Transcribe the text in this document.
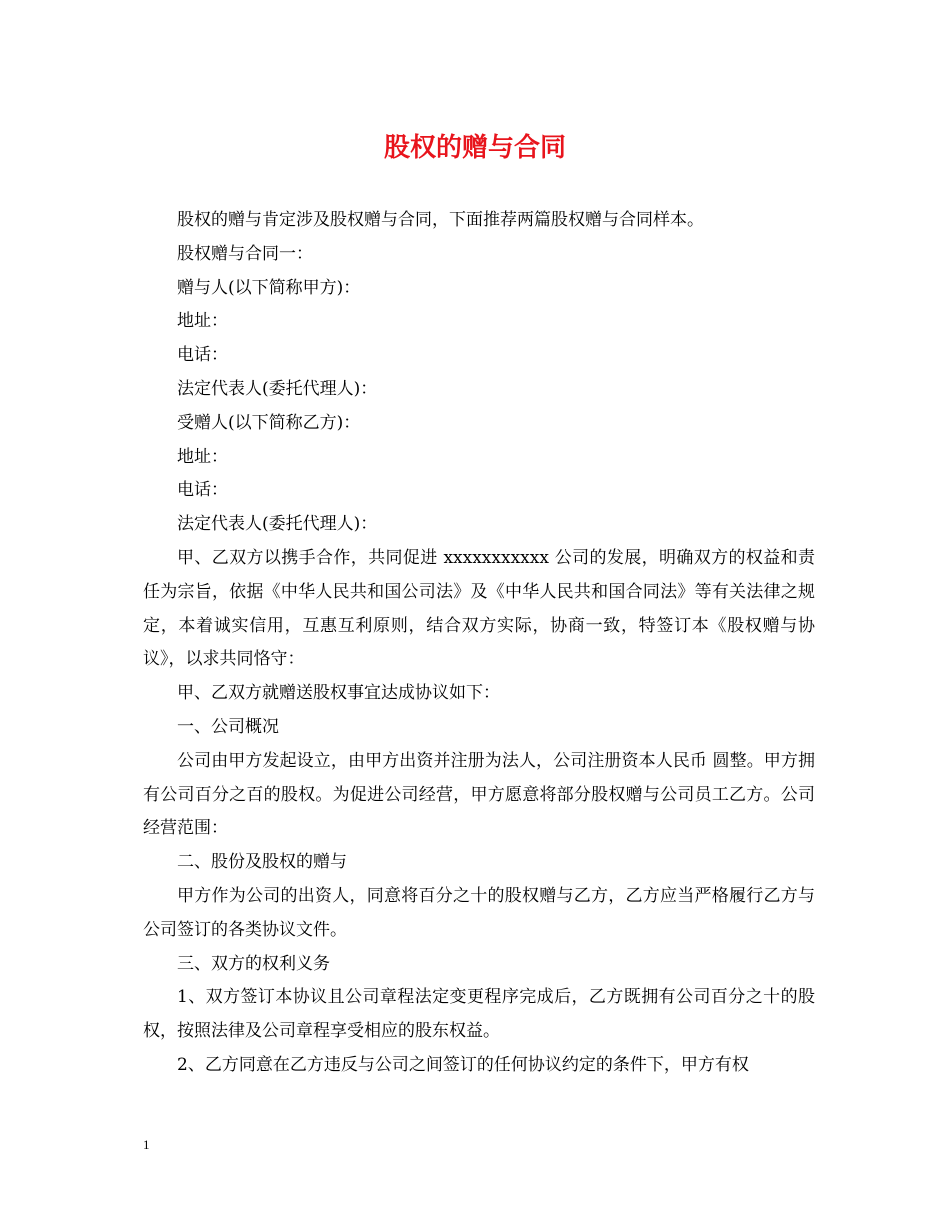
股权的赠与合同

股权的赠与肯定涉及股权赠与合同，下面推荐两篇股权赠与合同样本。

股权赠与合同一：

赠与人(以下简称甲方)：

地址：

电话：

法定代表人(委托代理人)：

受赠人(以下简称乙方)：

地址：

电话：

法定代表人(委托代理人)：

甲、乙双方以携手合作，共同促进 xxxxxxxxxxx 公司的发展，明确双方的权益和责任为宗旨，依据《中华人民共和国公司法》及《中华人民共和国合同法》等有关法律之规定，本着诚实信用，互惠互利原则，结合双方实际，协商一致，特签订本《股权赠与协议》，以求共同恪守：

甲、乙双方就赠送股权事宜达成协议如下：

一、公司概况

公司由甲方发起设立，由甲方出资并注册为法人，公司注册资本人民币 圆整。甲方拥有公司百分之百的股权。为促进公司经营，甲方愿意将部分股权赠与公司员工乙方。公司经营范围：

二、股份及股权的赠与

甲方作为公司的出资人，同意将百分之十的股权赠与乙方，乙方应当严格履行乙方与公司签订的各类协议文件。

三、双方的权利义务

1、双方签订本协议且公司章程法定变更程序完成后，乙方既拥有公司百分之十的股权，按照法律及公司章程享受相应的股东权益。

2、乙方同意在乙方违反与公司之间签订的任何协议约定的条件下，甲方有权

1
